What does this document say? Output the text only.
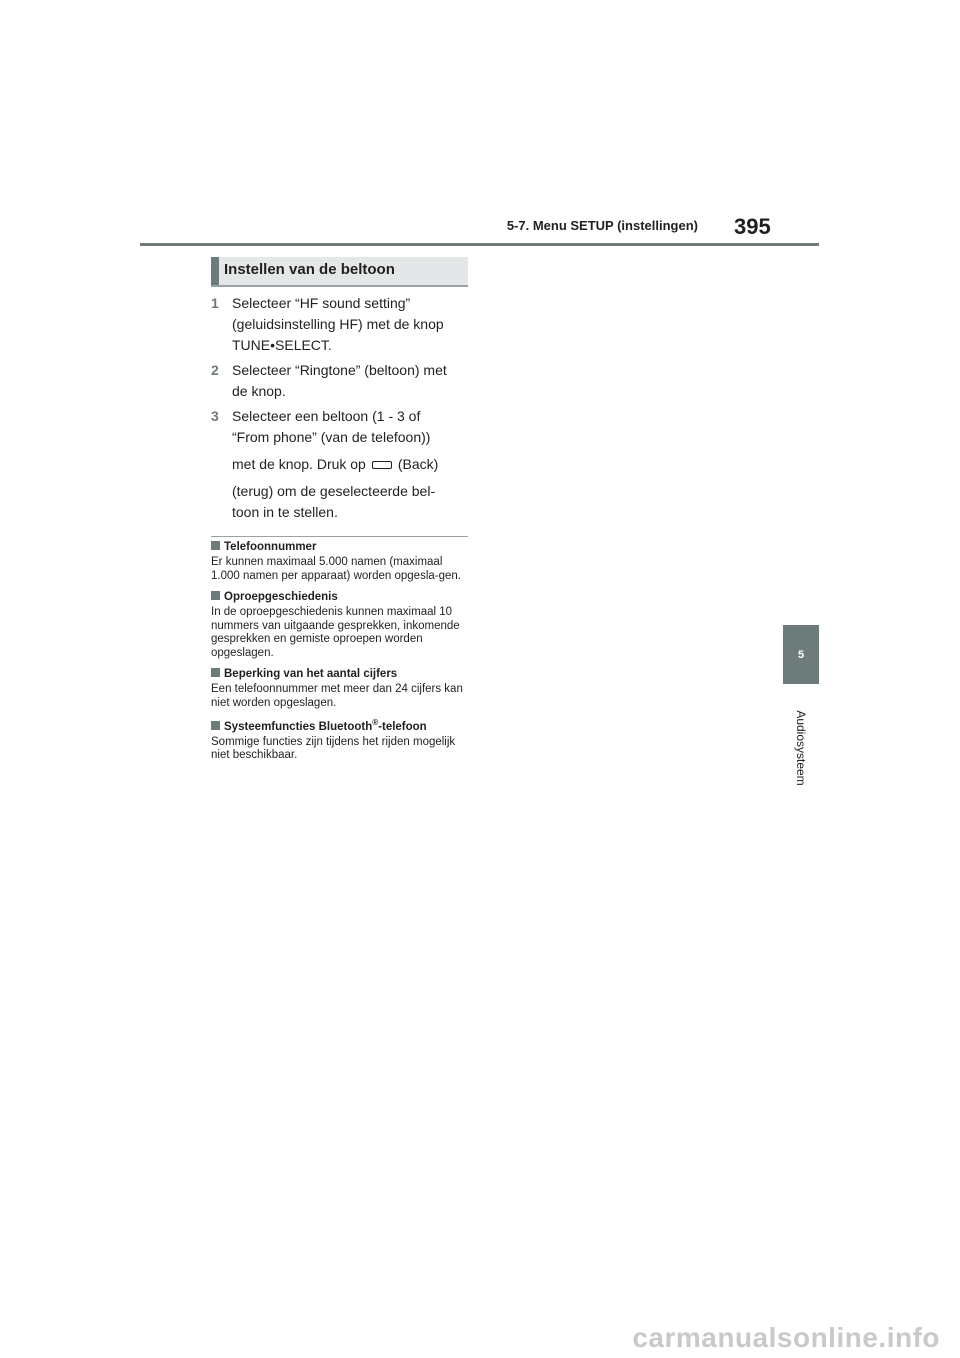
5-7. Menu SETUP (instellingen) 395
5
Audiosysteem
Instellen van de beltoon
1 Selecteer “HF sound setting”

(geluidsinstelling HF) met de knop

TUNE•SELECT.

2 Selecteer “Ringtone” (beltoon) met

de knop.

3 Selecteer een beltoon (1 - 3 of

“From phone” (van de telefoon))

met de knop. Druk op (Back)

(terug) om de geselecteerde bel-

toon in te stellen.

Telefoonnummer

Er kunnen maximaal 5.000 namen (maximaal 1.000 namen per apparaat) worden opgesla-gen.

Oproepgeschiedenis

In de oproepgeschiedenis kunnen maximaal 10 nummers van uitgaande gesprekken, inkomende gesprekken en gemiste oproepen worden opgeslagen.

Beperking van het aantal cijfers

Een telefoonnummer met meer dan 24 cijfers kan niet worden opgeslagen.

Systeemfuncties Bluetooth®-telefoon

Sommige functies zijn tijdens het rijden mogelijk niet beschikbaar.

carmanualsonline.info
